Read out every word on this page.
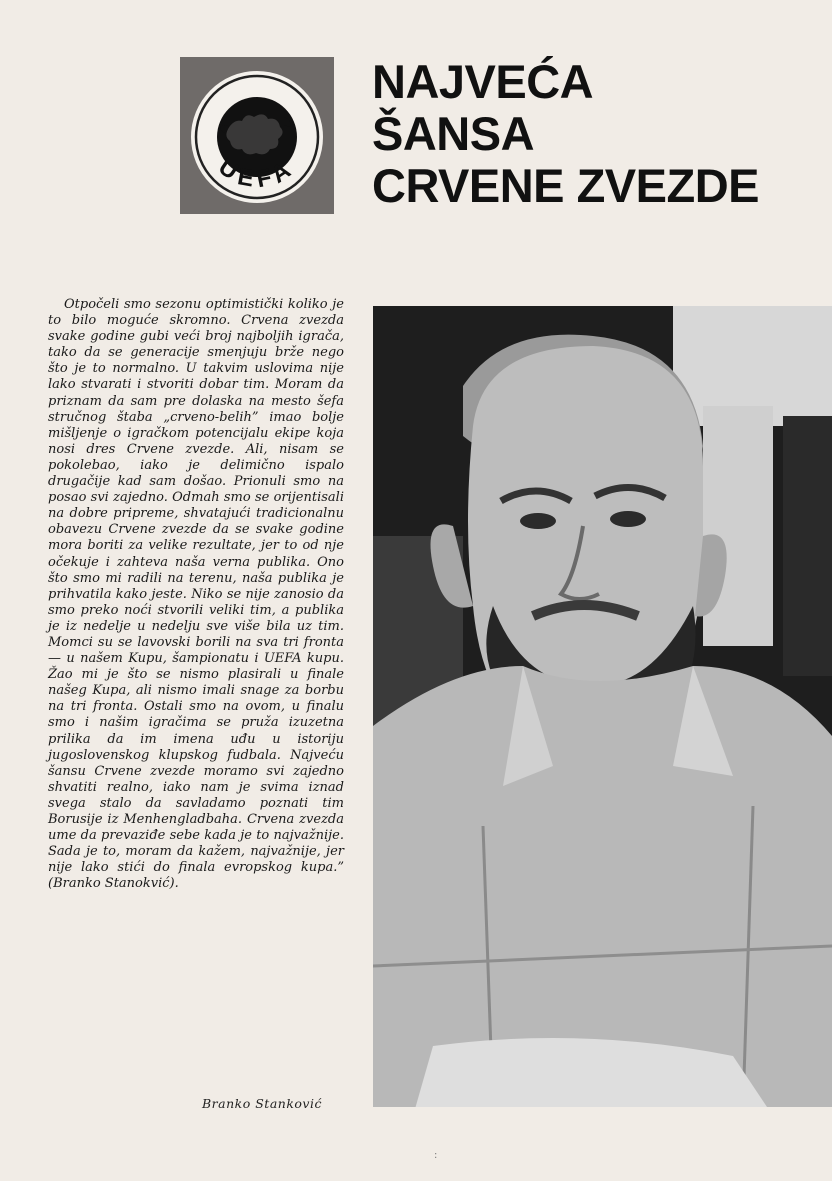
UEFA
NAJVEĆA
ŠANSA
CRVENE ZVEZDE

Otpočeli smo sezonu optimistički koliko je to bilo moguće skromno. Crvena zvezda svake godine gubi veći broj najboljih igrača, tako da se generacije smenjuju brže nego što je to normalno. U takvim uslovima nije lako stvarati i stvoriti dobar tim. Moram da priznam da sam pre dolaska na mesto šefa stručnog štaba „crveno-belih” imao bolje mišljenje o igračkom potencijalu ekipe koja nosi dres Crvene zvezde. Ali, nisam se pokolebao, iako je delimično ispalo drugačije kad sam došao. Prionuli smo na posao svi zajedno. Odmah smo se orijentisali na dobre pripreme, shvatajući tradicionalnu obavezu Crvene zvezde da se svake godine mora boriti za velike rezultate, jer to od nje očekuje i zahteva naša verna publika. Ono što smo mi radili na terenu, naša publika je prihvatila kako jeste. Niko se nije zanosio da smo preko noći stvorili veliki tim, a publika je iz nedelje u nedelju sve više bila uz tim. Momci su se lavovski borili na sva tri fronta — u našem Kupu, šampionatu i UEFA kupu. Žao mi je što se nismo plasirali u finale našeg Kupa, ali nismo imali snage za borbu na tri fronta. Ostali smo na ovom, u finalu smo i našim igračima se pruža izuzetna prilika da im imena uđu u istoriju jugoslovenskog klupskog fudbala. Najveću šansu Crvene zvezde moramo svi zajedno shvatiti realno, iako nam je svima iznad svega stalo da savladamo poznati tim Borusije iz Menhengladbaha. Crvena zvezda ume da prevaziđe sebe kada je to najvažnije. Sada je to, moram da kažem, najvažnije, jer nije lako stići do finala evropskog kupa.” (Branko Stanokvić).

Branko Stanković
:
